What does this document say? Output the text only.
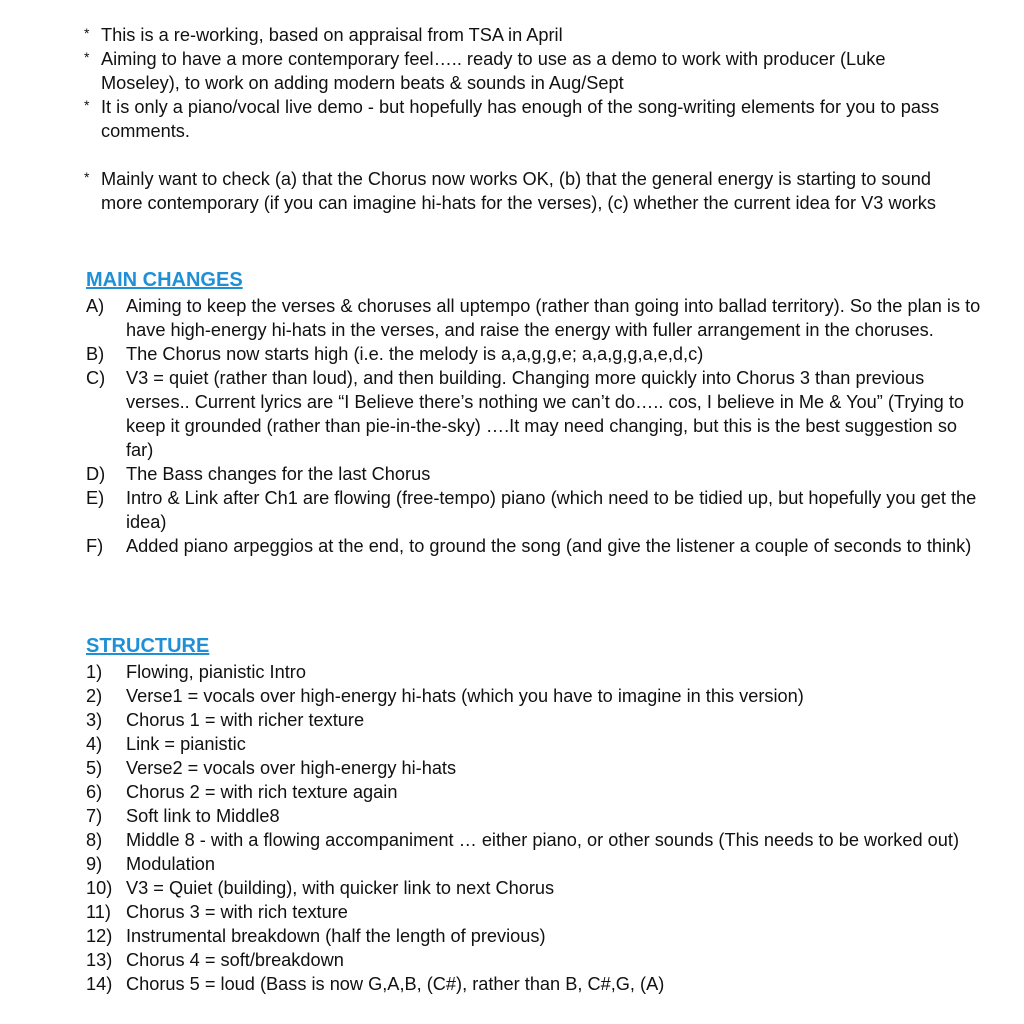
* This is a re-working, based on appraisal from TSA in April
* Aiming to have a more contemporary feel….. ready to use as a demo to work with producer (Luke Moseley), to work on adding modern beats & sounds in Aug/Sept
* It is only a piano/vocal live demo - but hopefully has enough of the song-writing elements for you to pass comments.
* Mainly want to check (a) that the Chorus now works OK, (b) that the general energy is starting to sound more contemporary (if you can imagine hi-hats for the verses), (c) whether the current idea for V3 works
MAIN CHANGES
A)	Aiming to keep the verses & choruses all uptempo (rather than going into ballad territory). So the plan is to have high-energy hi-hats in the verses, and raise the energy with fuller arrangement in the choruses.
B)	The Chorus now starts high (i.e. the melody is a,a,g,g,e; a,a,g,g,a,e,d,c)
C)	V3 = quiet (rather than loud), and then building. Changing more quickly into Chorus 3 than previous verses.. Current lyrics are “I Believe there’s nothing we can’t do….. cos, I believe in Me & You” (Trying to keep it grounded (rather than pie-in-the-sky) ….It may need changing, but this is the best suggestion so far)
D)	The Bass changes for the last Chorus
E)	Intro & Link after Ch1 are flowing (free-tempo) piano (which need to be tidied up, but hopefully you get the idea)
F)	Added piano arpeggios at the end, to ground the song (and give the listener a couple of seconds to think)
STRUCTURE
1)	Flowing, pianistic Intro
2)	Verse1 = vocals over high-energy hi-hats (which you have to imagine in this version)
3)	Chorus 1 = with richer texture
4)	Link = pianistic
5)	Verse2 = vocals over high-energy hi-hats
6)	Chorus 2 = with rich texture again
7)	Soft link to Middle8
8)	Middle 8 - with a flowing accompaniment … either piano, or other sounds (This needs to be worked out)
9)	Modulation
10) V3 = Quiet (building), with quicker link to next Chorus
11) Chorus 3 = with rich texture
12) Instrumental breakdown (half the length of previous)
13) Chorus 4 = soft/breakdown
14) Chorus 5 = loud (Bass is now G,A,B, (C#), rather than B, C#,G, (A)
